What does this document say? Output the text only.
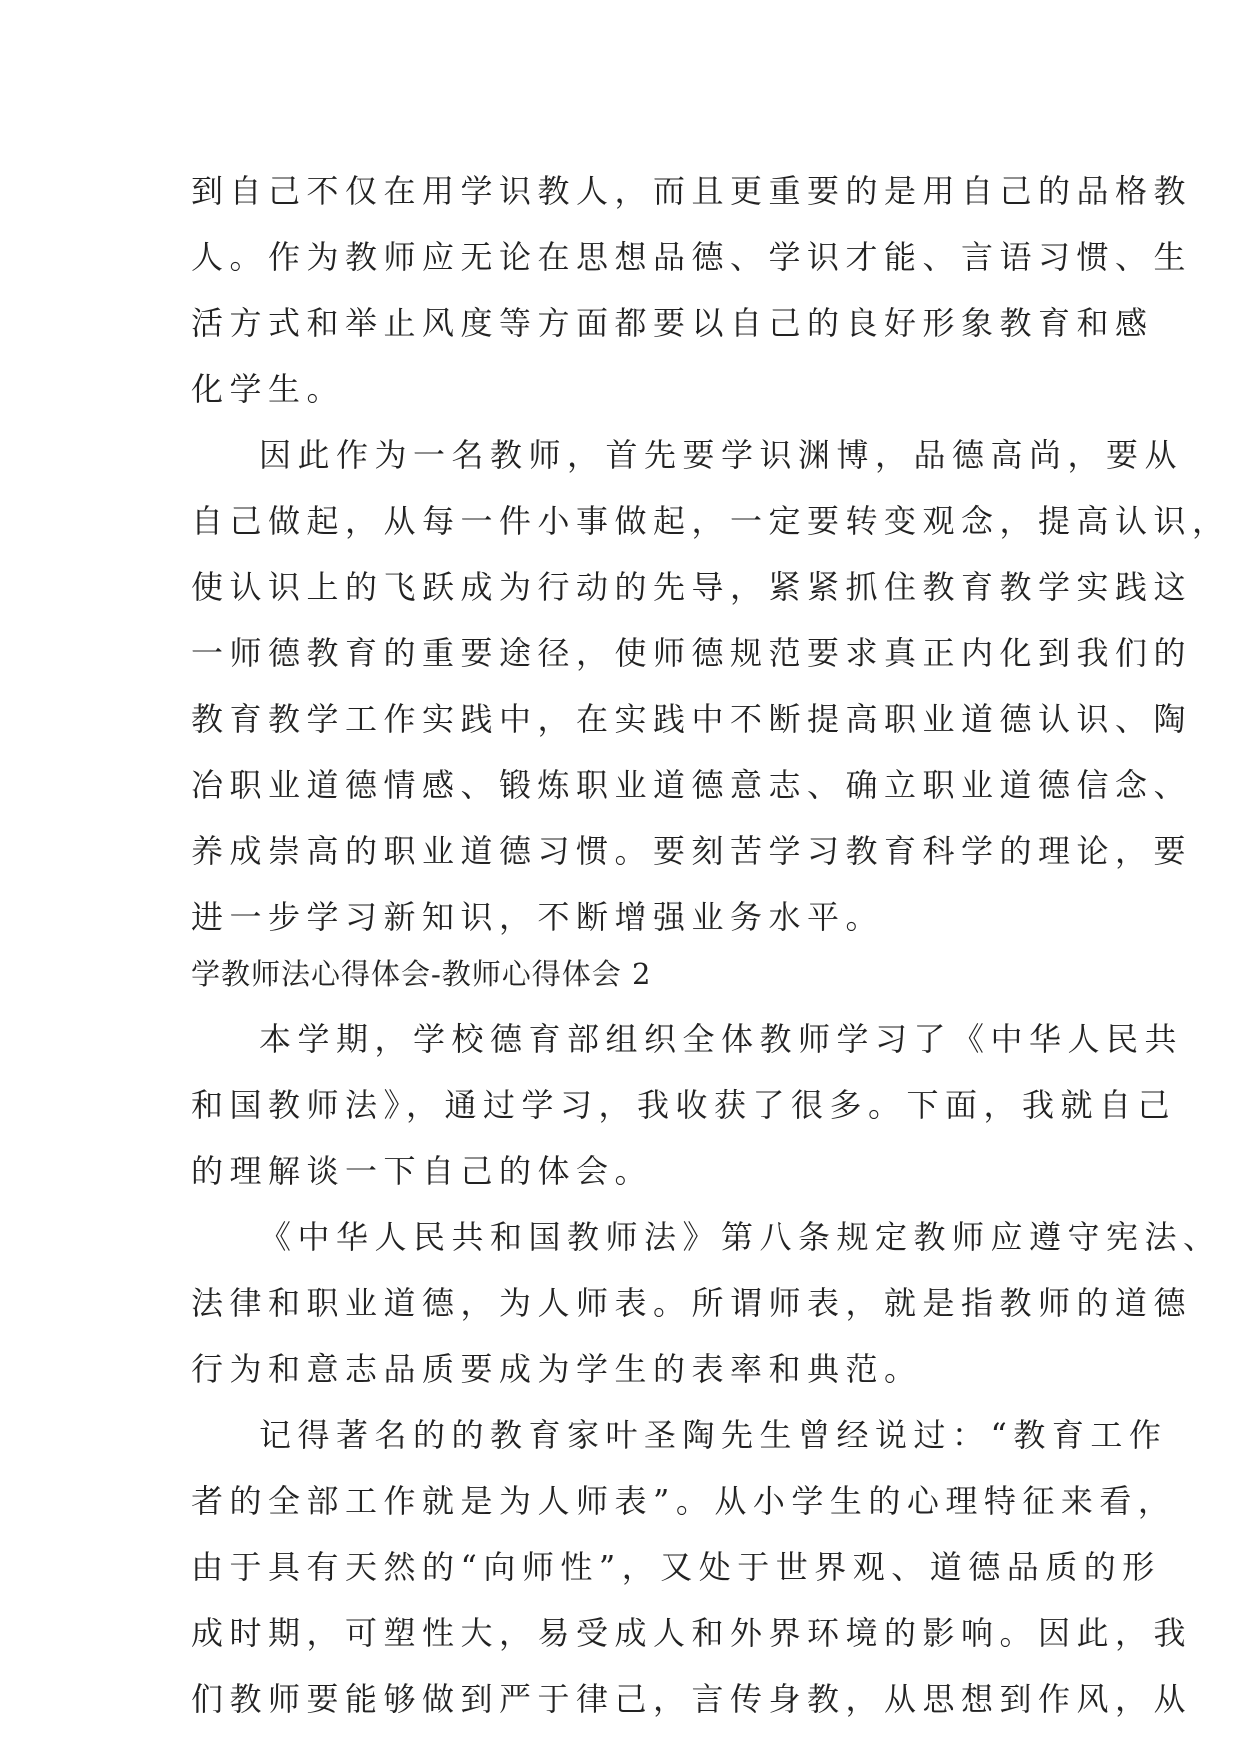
到自己不仅在用学识教人，而且更重要的是用自己的品格教
人。作为教师应无论在思想品德、学识才能、言语习惯、生
活方式和举止风度等方面都要以自己的良好形象教育和感
化学生。
因此作为一名教师，首先要学识渊博，品德高尚，要从
自己做起，从每一件小事做起，一定要转变观念，提高认识，
使认识上的飞跃成为行动的先导，紧紧抓住教育教学实践这
一师德教育的重要途径，使师德规范要求真正内化到我们的
教育教学工作实践中，在实践中不断提高职业道德认识、陶
冶职业道德情感、锻炼职业道德意志、确立职业道德信念、
养成崇高的职业道德习惯。要刻苦学习教育科学的理论，要
进一步学习新知识，不断增强业务水平。
学教师法心得体会-教师心得体会 2
本学期，学校德育部组织全体教师学习了《中华人民共
和国教师法》，通过学习，我收获了很多。下面，我就自己
的理解谈一下自己的体会。
《中华人民共和国教师法》第八条规定教师应遵守宪法、
法律和职业道德，为人师表。所谓师表，就是指教师的道德
行为和意志品质要成为学生的表率和典范。
记得著名的的教育家叶圣陶先生曾经说过：“教育工作
者的全部工作就是为人师表”。从小学生的心理特征来看，
由于具有天然的“向师性”，又处于世界观、道德品质的形
成时期，可塑性大，易受成人和外界环境的影响。因此，我
们教师要能够做到严于律己，言传身教，从思想到作风，从
